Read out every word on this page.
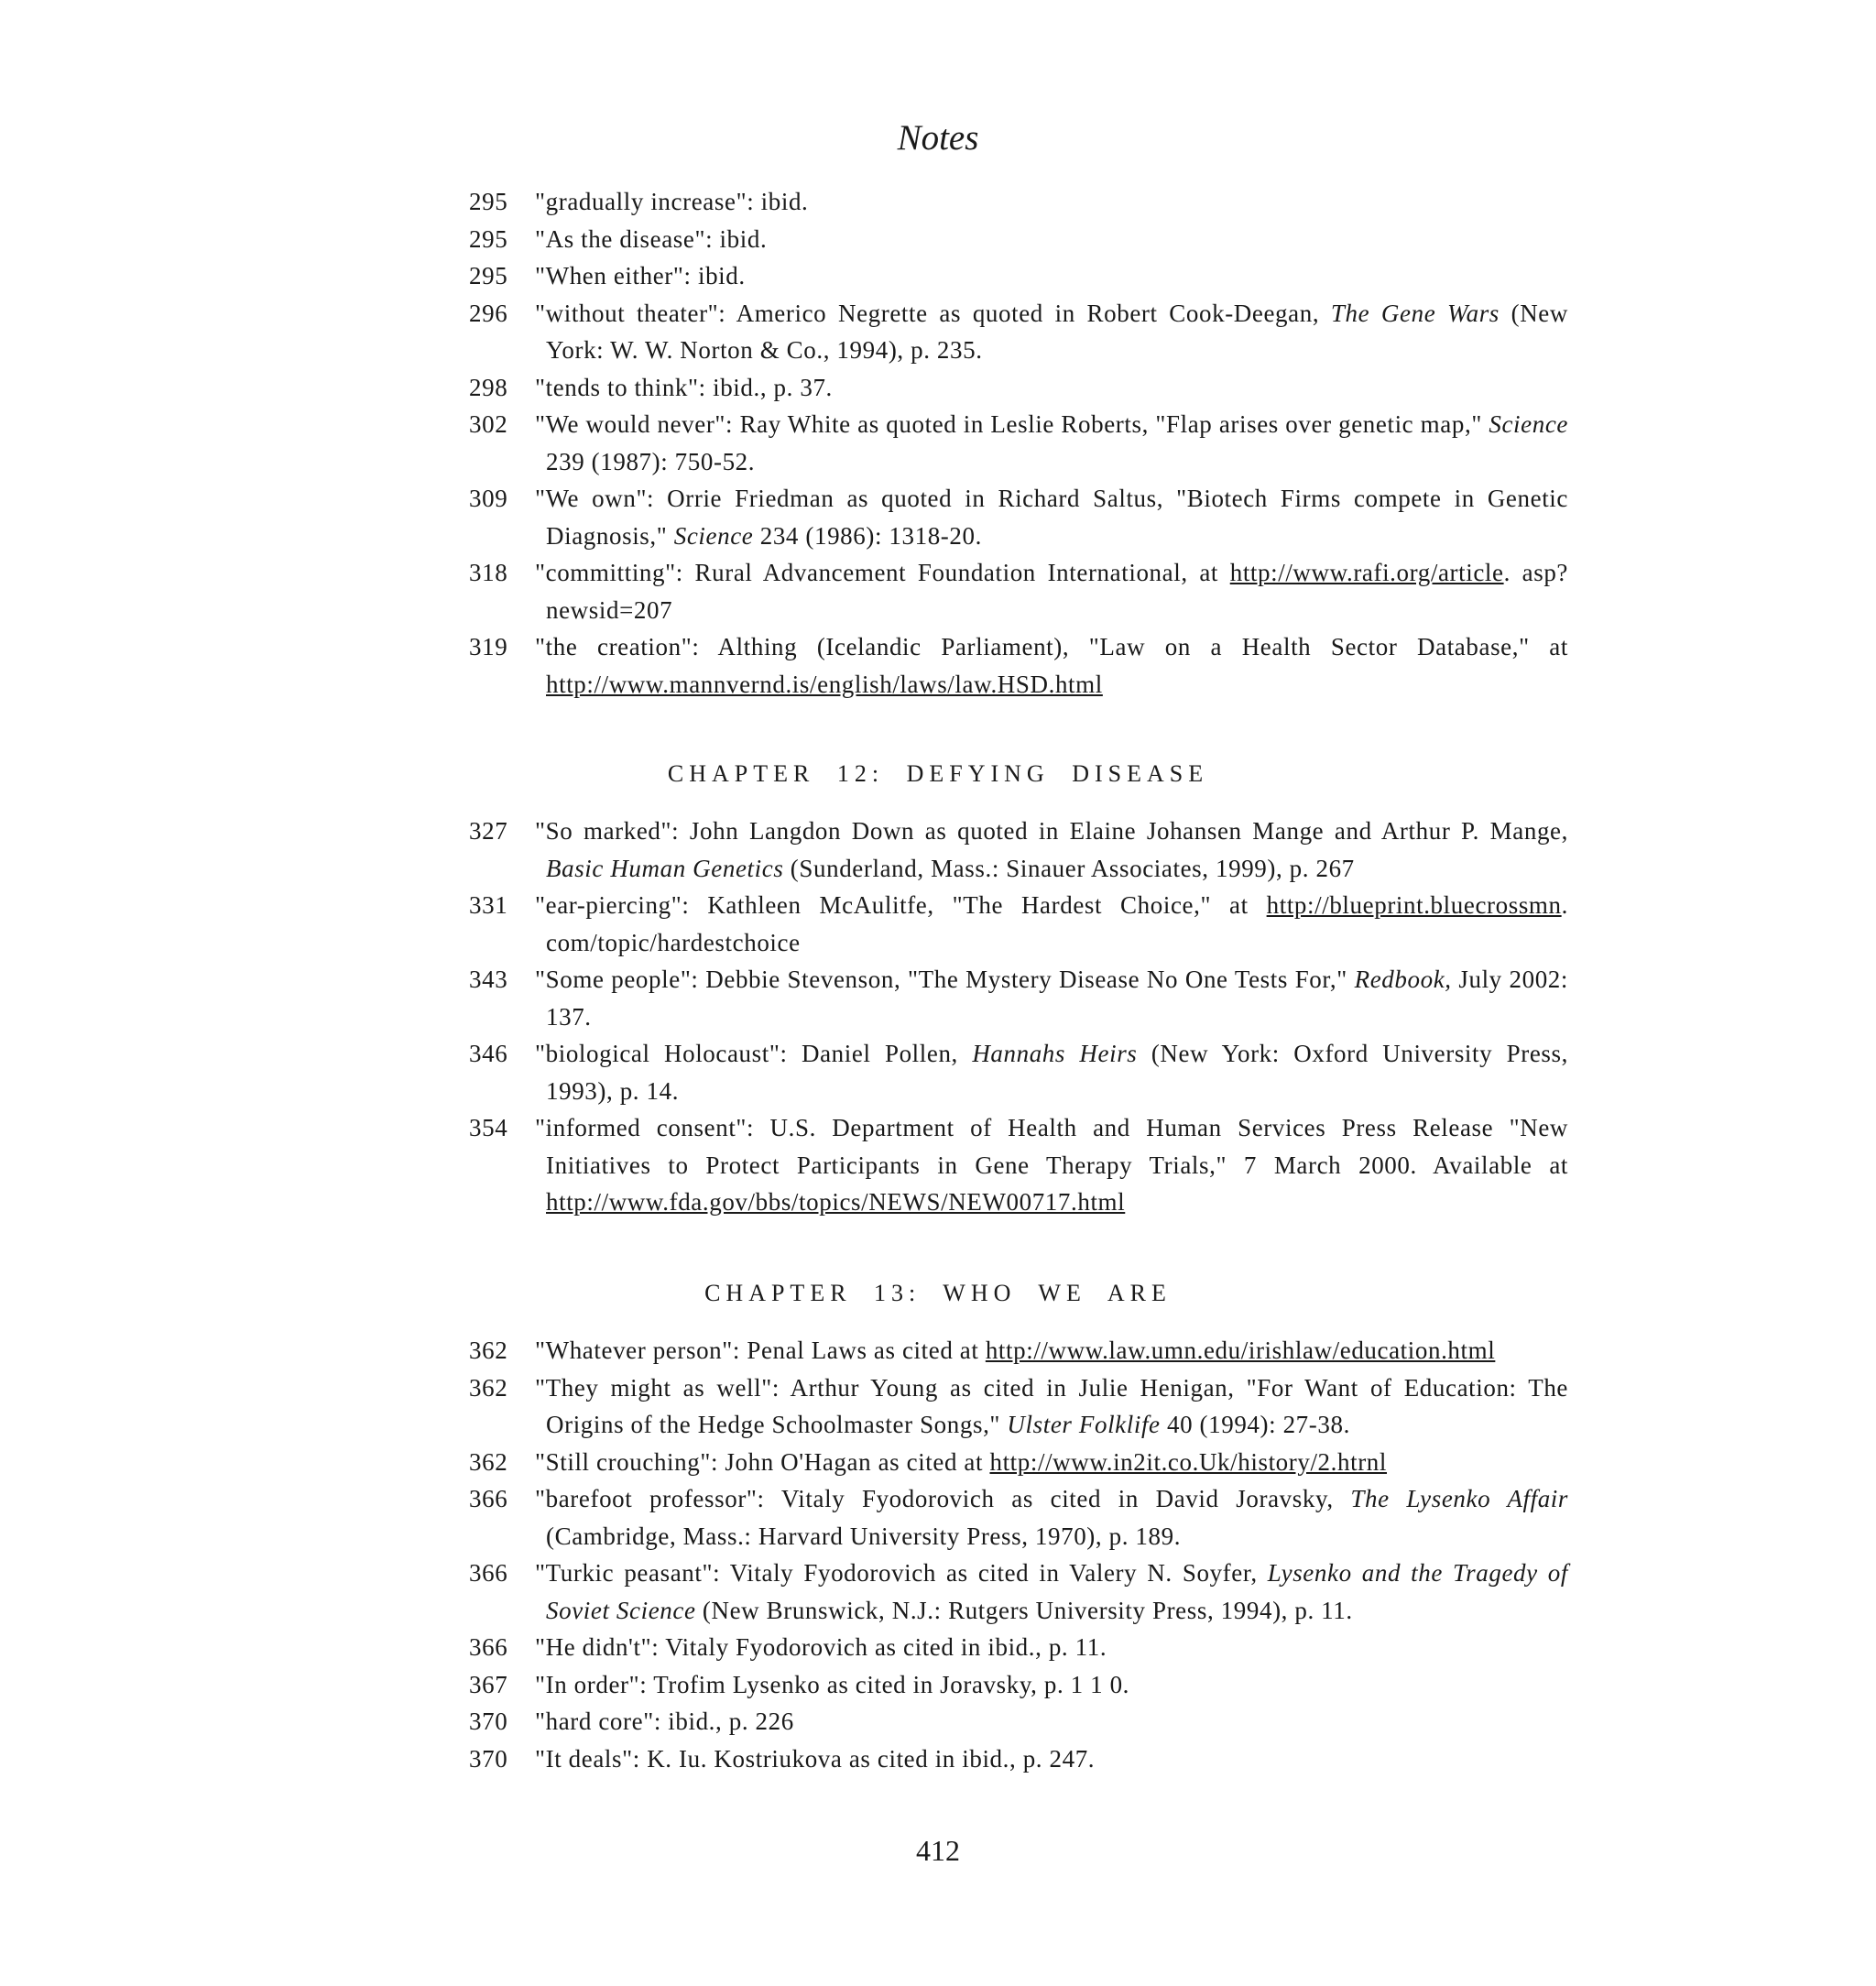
Notes
295	"gradually increase": ibid.
295	"As the disease": ibid.
295	"When either": ibid.
296	"without theater": Americo Negrette as quoted in Robert Cook-Deegan, The Gene Wars (New York: W. W. Norton & Co., 1994), p. 235.
298	"tends to think": ibid., p. 37.
302	"We would never": Ray White as quoted in Leslie Roberts, "Flap arises over genetic map," Science 239 (1987): 750-52.
309	"We own": Orrie Friedman as quoted in Richard Saltus, "Biotech Firms compete in Genetic Diagnosis," Science 234 (1986): 1318-20.
318	"committing": Rural Advancement Foundation International, at http://www.rafi.org/article. asp?newsid=207
319	"the creation": Althing (Icelandic Parliament), "Law on a Health Sector Database," at http://www.mannvernd.is/english/laws/law.HSD.html
CHAPTER 12: DEFYING DISEASE
327	"So marked": John Langdon Down as quoted in Elaine Johansen Mange and Arthur P. Mange, Basic Human Genetics (Sunderland, Mass.: Sinauer Associates, 1999), p. 267
331	"ear-piercing": Kathleen McAulitfe, "The Hardest Choice," at http://blueprint.bluecrossmn. com/topic/hardestchoice
343	"Some people": Debbie Stevenson, "The Mystery Disease No One Tests For," Redbook, July 2002: 137.
346	"biological Holocaust": Daniel Pollen, Hannahs Heirs (New York: Oxford University Press, 1993), p. 14.
354	"informed consent": U.S. Department of Health and Human Services Press Release "New Initiatives to Protect Participants in Gene Therapy Trials," 7 March 2000. Available at http://www.fda.gov/bbs/topics/NEWS/NEW00717.html
CHAPTER 13: WHO WE ARE
362	"Whatever person": Penal Laws as cited at http://www.law.umn.edu/irishlaw/education.html
362	"They might as well": Arthur Young as cited in Julie Henigan, "For Want of Education: The Origins of the Hedge Schoolmaster Songs," Ulster Folklife 40 (1994): 27-38.
362	"Still crouching": John O'Hagan as cited at http://www.in2it.co.Uk/history/2.htrnl
366	"barefoot professor": Vitaly Fyodorovich as cited in David Joravsky, The Lysenko Affair (Cambridge, Mass.: Harvard University Press, 1970), p. 189.
366	"Turkic peasant": Vitaly Fyodorovich as cited in Valery N. Soyfer, Lysenko and the Tragedy of Soviet Science (New Brunswick, N.J.: Rutgers University Press, 1994), p. 11.
366	"He didn't": Vitaly Fyodorovich as cited in ibid., p. 11.
367	"In order": Trofim Lysenko as cited in Joravsky, p. 1 1 0.
370	"hard core": ibid., p. 226
370	"It deals": K. Iu. Kostriukova as cited in ibid., p. 247.
412
